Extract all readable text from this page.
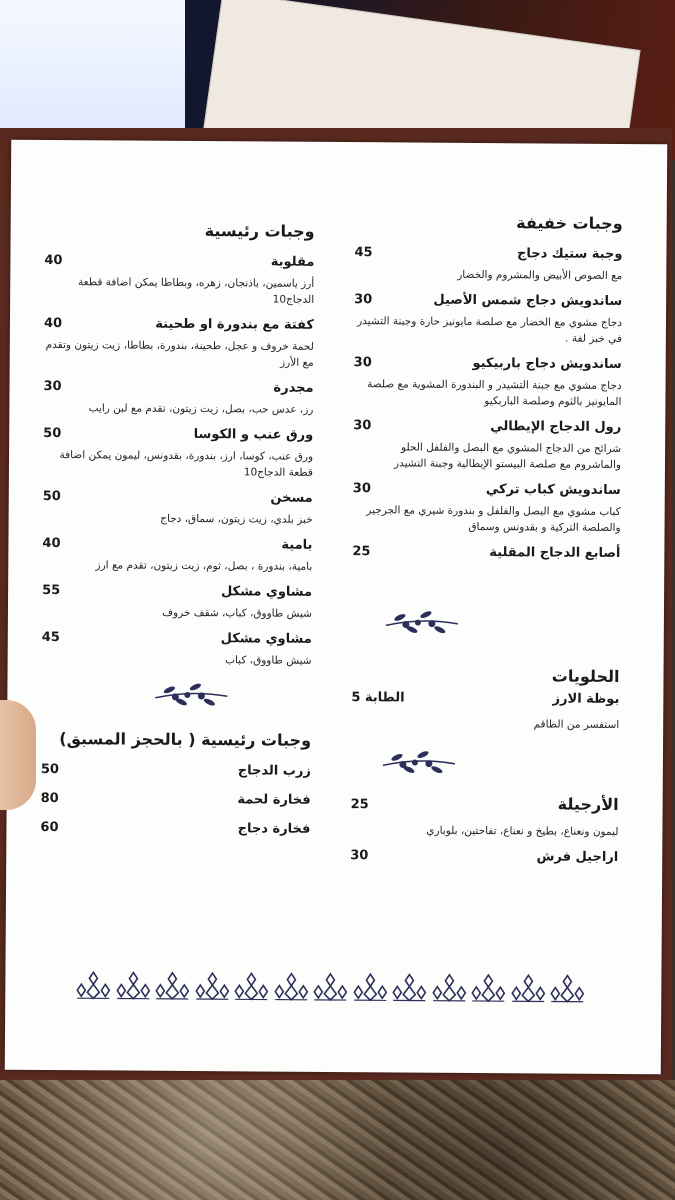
وجبات خفيفة
وجبة ستيك دجاج
45
مع الصوص الأبيض والمشروم والخضار
ساندويش دجاج شمس الأصيل
30
دجاج مشوي مع الخضار مع صلصة مايونيز حارة وجبنة التشيدر في خبز لفة .
ساندويش دجاج باربيكيو
30
دجاج مشوي مع جبنة التشيدر و البندورة المشوية مع صلصة المايونيز بالثوم وصلصة الباربكيو
رول الدجاج الإيطالي
30
شرائح من الدجاج المشوي مع البصل والفلفل الحلو والماشروم مع صلصة البيستو الإيطالية وجبنة التشيدر
ساندويش كباب تركي
30
كباب مشوي مع البصل والفلفل و بندورة شيري مع الجرجير والصلصة التركية و بقدونس وسماق
أصابع الدجاج المقلية
25
الحلويات
بوظة الارز
الطابة 5
استفسر من الطاقم
الأرجيلة
25
ليمون ونعناع، بطيخ و نعناع، تفاحتين، بلوباري
اراجيل فرش
30
وجبات رئيسية
مقلوبة
40
أرز ياسمين، باذنجان، زهره، وبطاطا يمكن اضافة قطعة الدجاج10
كفتة مع بندورة او طحينة
40
لحمة خروف و عجل، طحينة، بندورة، بطاطا، زيت زيتون وتقدم مع الأرز
مجدرة
30
رز، عدس حب، بصل، زيت زيتون، تقدم مع لبن رايب
ورق عنب و الكوسا
50
ورق عنب، كوسا، ارز، بندورة، بقدونس، ليمون يمكن اضافة قطعة الدجاج10
مسخن
50
خبز بلدي، زيت زيتون، سماق، دجاج
بامية
40
بامية، بندورة ، بصل، ثوم، زيت زيتون، تقدم مع ارز
مشاوي مشكل
55
شيش طاووق، كباب، شقف خروف
مشاوي مشكل
45
شيش طاووق، كباب
وجبات رئيسية ( بالحجز المسبق)
زرب الدجاج
50
فخارة لحمة
80
فخارة دجاج
60
